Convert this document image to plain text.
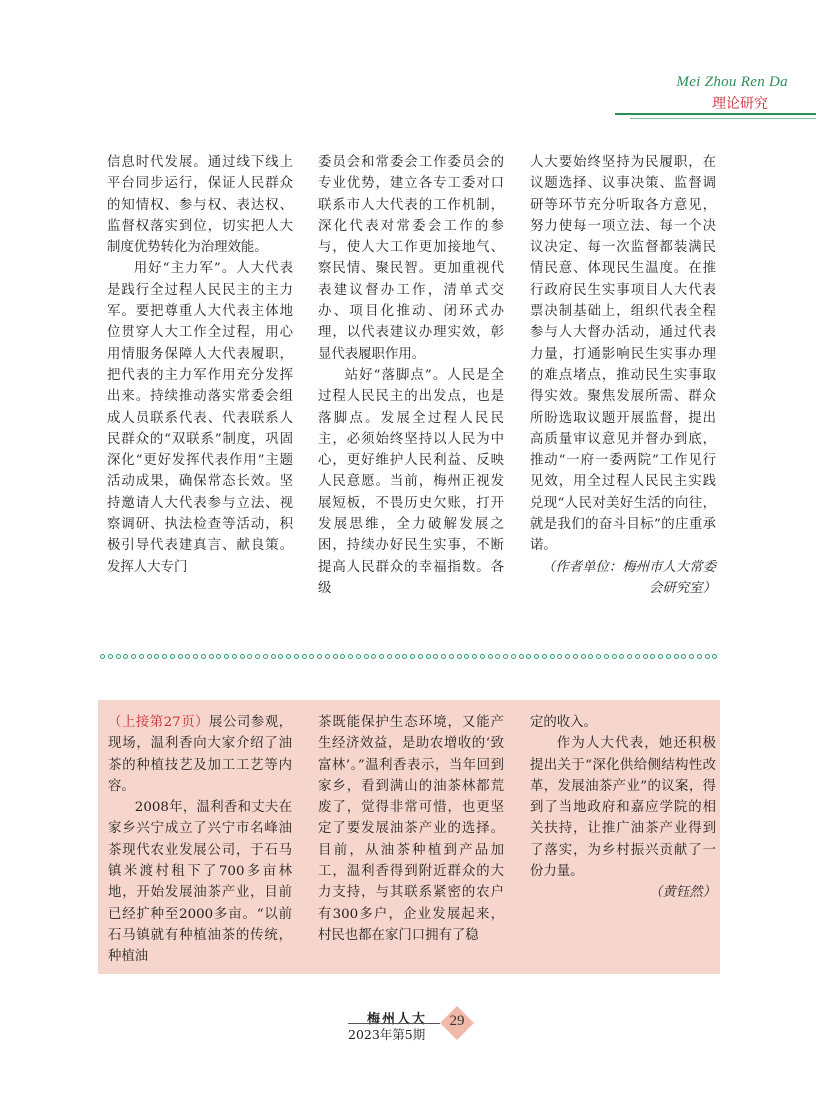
Mei Zhou Ren Da
理论研究

信息时代发展。通过线下线上平台同步运行，保证人民群众的知情权、参与权、表达权、监督权落实到位，切实把人大制度优势转化为治理效能。

用好“主力军”。人大代表是践行全过程人民民主的主力军。要把尊重人大代表主体地位贯穿人大工作全过程，用心用情服务保障人大代表履职，把代表的主力军作用充分发挥出来。持续推动落实常委会组成人员联系代表、代表联系人民群众的“双联系”制度，巩固深化“更好发挥代表作用”主题活动成果，确保常态长效。坚持邀请人大代表参与立法、视察调研、执法检查等活动，积极引导代表建真言、献良策。发挥人大专门

委员会和常委会工作委员会的专业优势，建立各专工委对口联系市人大代表的工作机制，深化代表对常委会工作的参与，使人大工作更加接地气、察民情、聚民智。更加重视代表建议督办工作，清单式交办、项目化推动、闭环式办理，以代表建议办理实效，彰显代表履职作用。

站好“落脚点”。人民是全过程人民民主的出发点，也是落脚点。发展全过程人民民主，必须始终坚持以人民为中心，更好维护人民利益、反映人民意愿。当前，梅州正视发展短板，不畏历史欠账，打开发展思维，全力破解发展之困，持续办好民生实事，不断提高人民群众的幸福指数。各级

人大要始终坚持为民履职，在议题选择、议事决策、监督调研等环节充分听取各方意见，努力使每一项立法、每一个决议决定、每一次监督都装满民情民意、体现民生温度。在推行政府民生实事项目人大代表票决制基础上，组织代表全程参与人大督办活动，通过代表力量，打通影响民生实事办理的难点堵点，推动民生实事取得实效。聚焦发展所需、群众所盼选取议题开展监督，提出高质量审议意见并督办到底，推动“一府一委两院”工作见行见效，用全过程人民民主实践兑现“人民对美好生活的向往，就是我们的奋斗目标”的庄重承诺。

（作者单位：梅州市人大常委会研究室）

（上接第27页）展公司参观，现场，温利香向大家介绍了油茶的种植技艺及加工工艺等内容。

2008年，温利香和丈夫在家乡兴宁成立了兴宁市名峰油茶现代农业发展公司，于石马镇米渡村租下了700多亩林地，开始发展油茶产业，目前已经扩种至2000多亩。“以前石马镇就有种植油茶的传统，种植油

茶既能保护生态环境，又能产生经济效益，是助农增收的‘致富林’。”温利香表示，当年回到家乡，看到满山的油茶林都荒废了，觉得非常可惜，也更坚定了要发展油茶产业的选择。目前，从油茶种植到产品加工，温利香得到附近群众的大力支持，与其联系紧密的农户有300多户，企业发展起来，村民也都在家门口拥有了稳

定的收入。

作为人大代表，她还积极提出关于“深化供给侧结构性改革，发展油茶产业”的议案，得到了当地政府和嘉应学院的相关扶持，让推广油茶产业得到了落实，为乡村振兴贡献了一份力量。

（黄钰然）

梅州人大
2023年第5期
29
